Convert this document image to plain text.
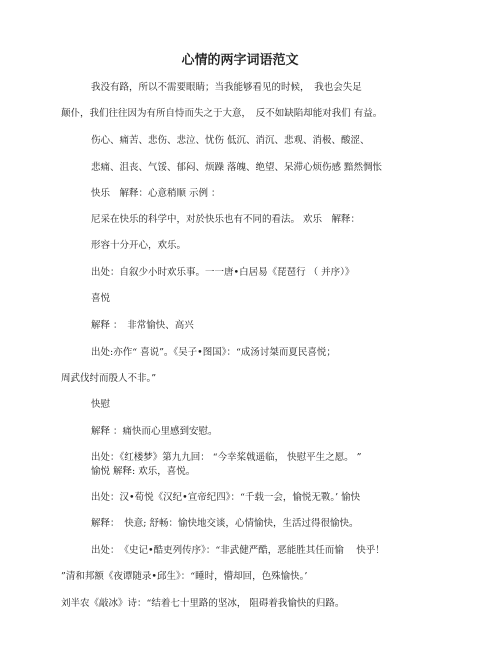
心情的两字词语范文
我没有路，所以不需要眼睛；当我能够看见的时候，　我也会失足
颠仆，我们往往因为有所自恃而失之于大意，　反不如缺陷却能对我们 有益。
伤心、痛苦、悲伤、悲泣、忧伤 低沉、消沉、悲观、消极、酸涩、
悲痛、沮丧、气馁、郁闷、烦躁 落魄、绝望、呆滞心烦伤感 黯然惆怅
快乐　解释：心意稍顺 示例 ：
尼采在快乐的科学中，对於快乐也有不同的看法。 欢乐　解释：
形容十分开心，欢乐。
出处：自叙少小时欢乐事。一一唐•白居易《琵琶行 （ 并序）》
喜悦
解释 ：　非常愉快、高兴
出处:亦作“ 喜说”。《吴子•图国》：“成汤讨桀而夏民喜悦；
周武伐纣而殷人不非。”
快慰
解释 ：痛快而心里感到安慰。
出处：《红楼梦》第九九回： “今幸桨戟遥临， 快慰平生之愿。 ”
愉悦 解释: 欢乐，喜悦。
出处：汉•荀悦《汉纪•宣帝纪四》：“千载一会，愉悦无斁。’ 愉快
解释：　快意; 舒畅：愉快地交谈，心情愉快，生活过得很愉快。
出处：　《史记•酷吏列传序》：“非武健严酷，恶能胜其任而愉　 快乎！
”清和邦额《夜谭随录•邱生》：“睡时，懵却回，色殊愉快。’
刘半农《敲冰》诗：“结着七十里路的坚冰， 阻碍着我愉快的归路。
